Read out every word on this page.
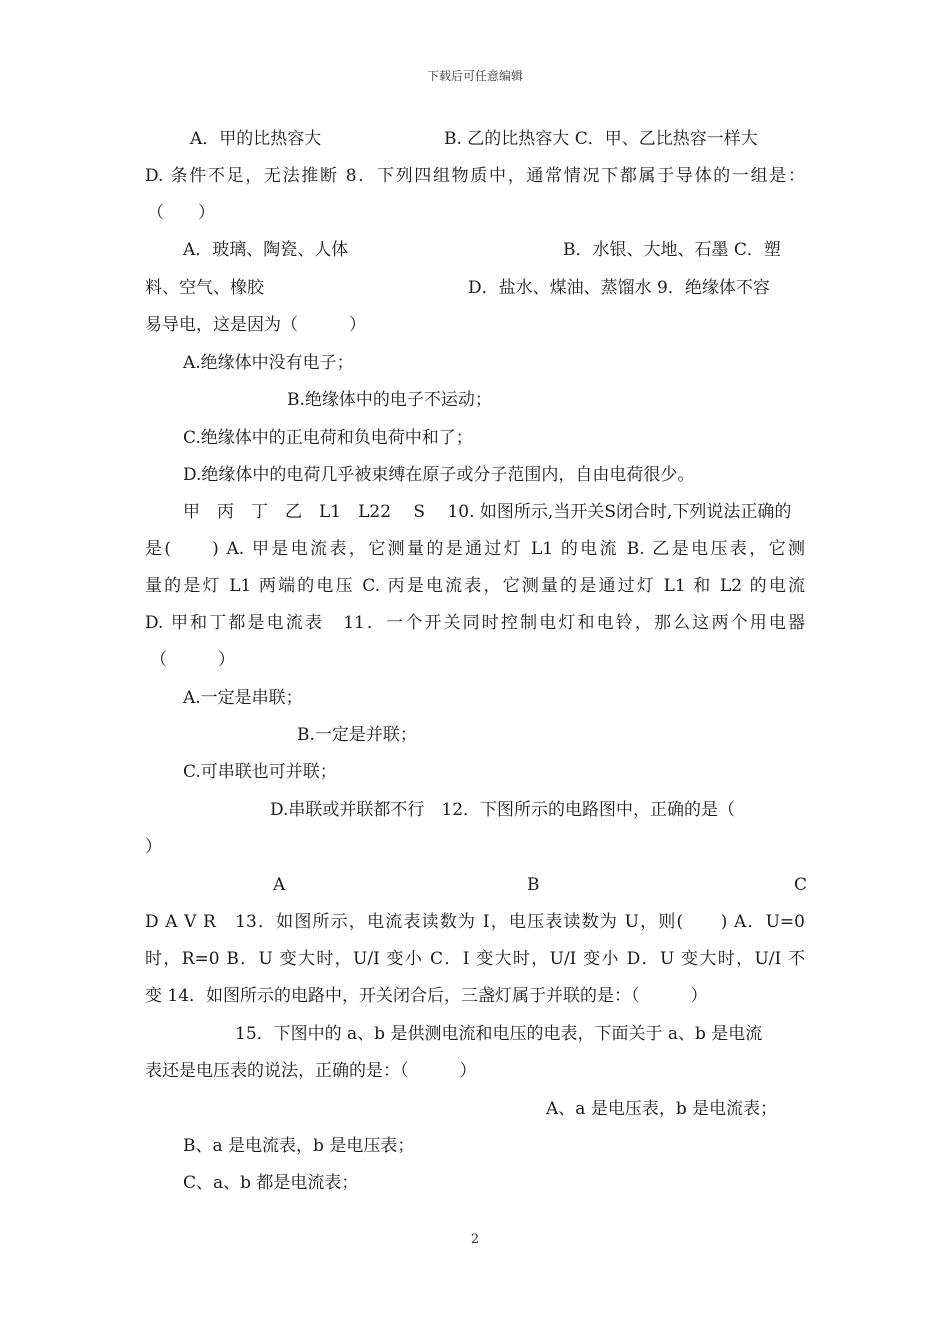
下载后可任意编辑
A．甲的比热容大	B. 乙的比热容大 C．甲、乙比热容一样大
D. 条件不足，无法推断 8．下列四组物质中，通常情况下都属于导体的一组是：
（　　）
A．玻璃、陶瓷、人体	B．水银、大地、石墨 C．塑
料、空气、橡胶	D．盐水、煤油、蒸馏水 9．绝缘体不容
易导电，这是因为（　　　）
A.绝缘体中没有电子；
B.绝缘体中的电子不运动；
C.绝缘体中的正电荷和负电荷中和了；
D.绝缘体中的电荷几乎被束缚在原子或分子范围内，自由电荷很少。
甲　丙　丁　乙　L1　L22　 S　 10. 如图所示,当开关S闭合时,下列说法正确的
是(　　) A. 甲是电流表，它测量的是通过灯 L1 的电流 B. 乙是电压表，它测
量的是灯 L1 两端的电压 C. 丙是电流表，它测量的是通过灯 L1 和 L2 的电流
D. 甲和丁都是电流表　11．一个开关同时控制电灯和电铃，那么这两个用电器
（　　　）
A.一定是串联；
B.一定是并联；
C.可串联也可并联；
D.串联或并联都不行　12．下图所示的电路图中，正确的是（
）
A	B	C
D A V R　13．如图所示，电流表读数为 I，电压表读数为 U，则(　　) A．U=0
时，R=0 B．U 变大时，U/I 变小 C．I 变大时，U/I 变小 D．U 变大时，U/I 不
变 14．如图所示的电路中，开关闭合后，三盏灯属于并联的是：（　　　）
15．下图中的 a、b 是供测电流和电压的电表，下面关于 a、b 是电流
表还是电压表的说法，正确的是：（　　　）
A、a 是电压表，b 是电流表；
B、a 是电流表，b 是电压表；
C、a、b 都是电流表；
2
